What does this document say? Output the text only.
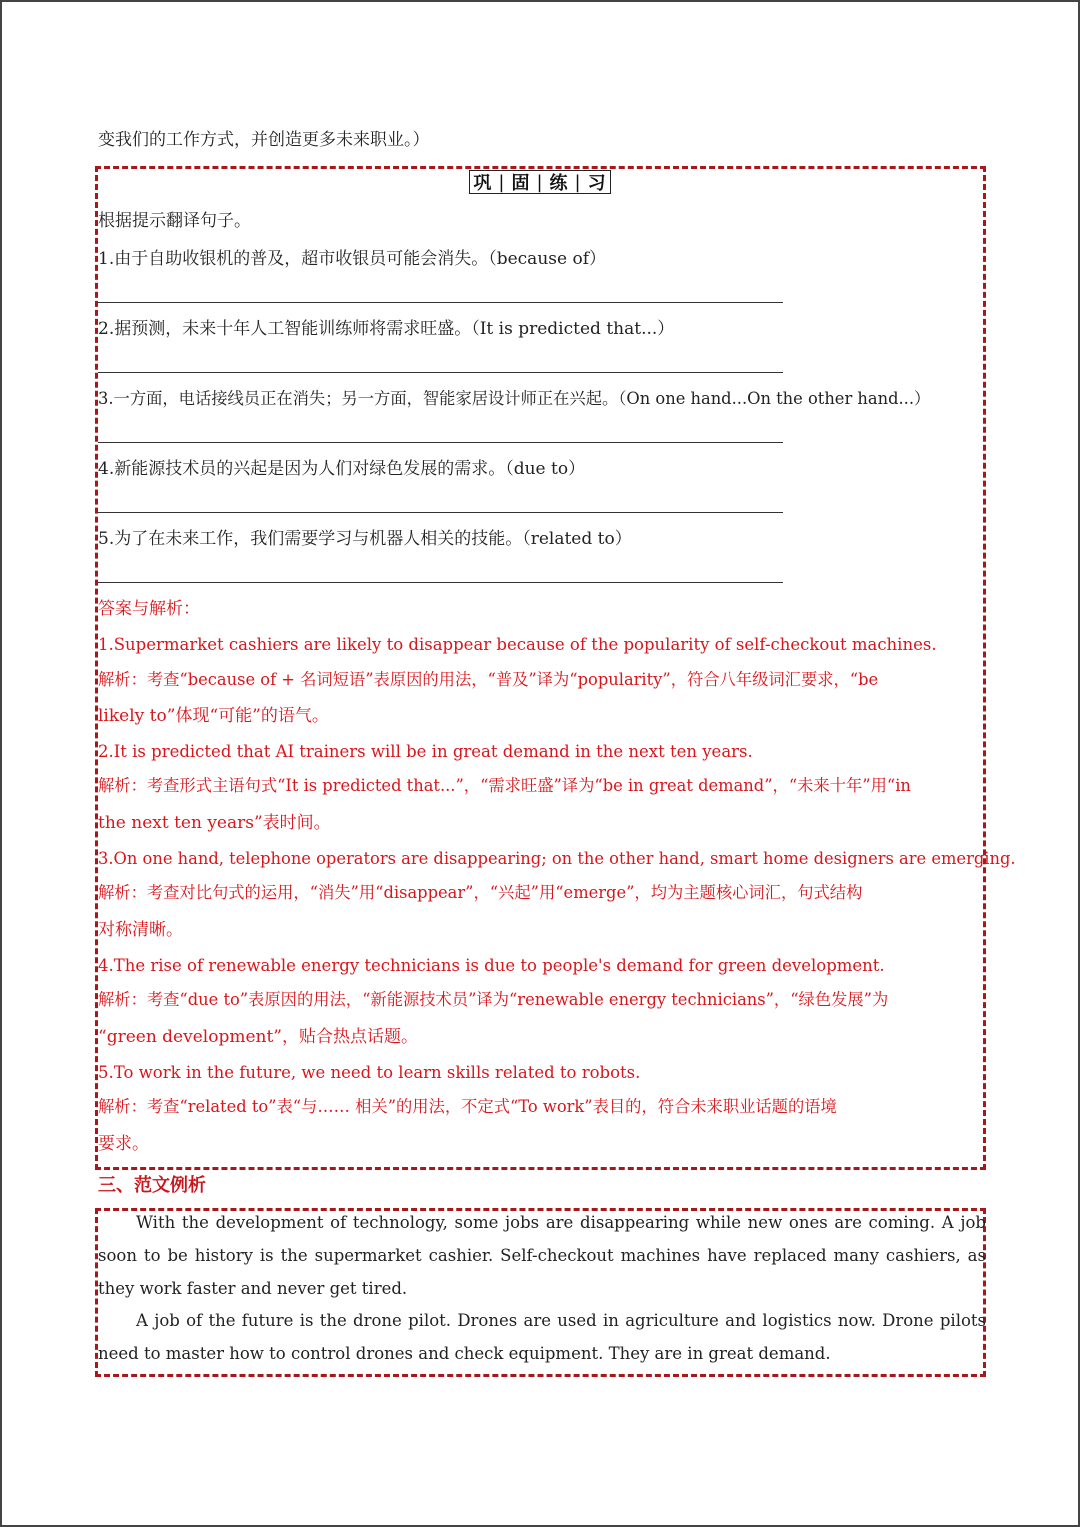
变我们的工作方式，并创造更多未来职业。）
巩 | 固 | 练 | 习
根据提示翻译句子。
1.由于自助收银机的普及，超市收银员可能会消失。（because of）
2.据预测，未来十年人工智能训练师将需求旺盛。（It is predicted that...）
3.一方面，电话接线员正在消失；另一方面，智能家居设计师正在兴起。（On one hand...On the other hand...）
4.新能源技术员的兴起是因为人们对绿色发展的需求。（due to）
5.为了在未来工作，我们需要学习与机器人相关的技能。（related to）
答案与解析：
1.Supermarket cashiers are likely to disappear because of the popularity of self-checkout machines.
解析：考查“because of + 名词短语”表原因的用法，“普及”译为“popularity”，符合八年级词汇要求，“be
likely to”体现“可能”的语气。
2.It is predicted that AI trainers will be in great demand in the next ten years.
解析：考查形式主语句式“It is predicted that...”，“需求旺盛”译为“be in great demand”，“未来十年”用“in
the next ten years”表时间。
3.On one hand, telephone operators are disappearing; on the other hand, smart home designers are emerging.
解析：考查对比句式的运用，“消失”用“disappear”，“兴起”用“emerge”，均为主题核心词汇，句式结构
对称清晰。
4.The rise of renewable energy technicians is due to people's demand for green development.
解析：考查“due to”表原因的用法，“新能源技术员”译为“renewable energy technicians”，“绿色发展”为
“green development”，贴合热点话题。
5.To work in the future, we need to learn skills related to robots.
解析：考查“related to”表“与…… 相关”的用法，不定式“To work”表目的，符合未来职业话题的语境
要求。
三、范文例析
With the development of technology, some jobs are disappearing while new ones are coming. A job soon to be history is the supermarket cashier. Self-checkout machines have replaced many cashiers, as they work faster and never get tired.
A job of the future is the drone pilot. Drones are used in agriculture and logistics now. Drone pilots need to master how to control drones and check equipment. They are in great demand.
